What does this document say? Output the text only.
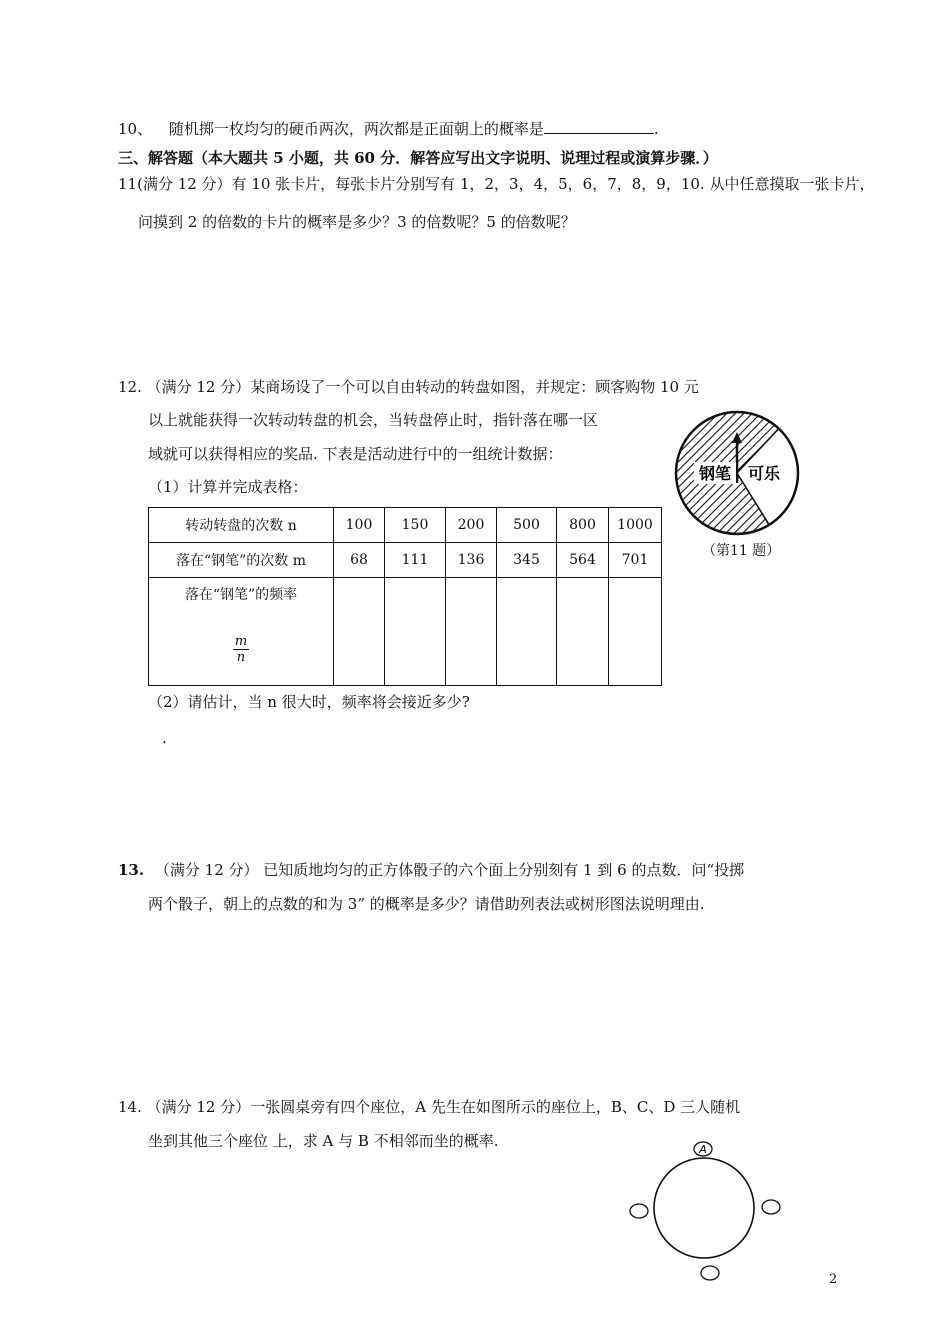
10、 随机掷一枚均匀的硬币两次，两次都是正面朝上的概率是	.
三、解答题（本大题共 5 小题，共 60 分．解答应写出文字说明、说理过程或演算步骤．）
11(满分 12 分）有 10 张卡片，每张卡片分别写有 1，2，3，4，5，6，7，8，9，10. 从中任意摸取一张卡片，
问摸到 2 的倍数的卡片的概率是多少？3 的倍数呢？5 的倍数呢？
12. （满分 12 分）某商场设了一个可以自由转动的转盘如图，并规定：顾客购物 10 元
以上就能获得一次转动转盘的机会，当转盘停止时，指针落在哪一区
域就可以获得相应的奖品. 下表是活动进行中的一组统计数据：
（1）计算并完成表格：
转动转盘的次数 n	100	150	200	500	800	1000
落在“钢笔”的次数 m	68	111	136	345	564	701

落在“钢笔”的频率
$\frac{m}{n}$

（2）请估计，当 n 很大时，频率将会接近多少?
.
钢笔 可乐
（第11 题）
13. （满分 12 分） 已知质地均匀的正方体骰子的六个面上分别刻有 1 到 6 的点数．问“投掷
两个骰子，朝上的点数的和为 3” 的概率是多少？请借助列表法或树形图法说明理由.
14. （满分 12 分）一张圆桌旁有四个座位，A 先生在如图所示的座位上，B、C、D 三人随机
坐到其他三个座位 上，求 A 与 B 不相邻而坐的概率.	A
2
